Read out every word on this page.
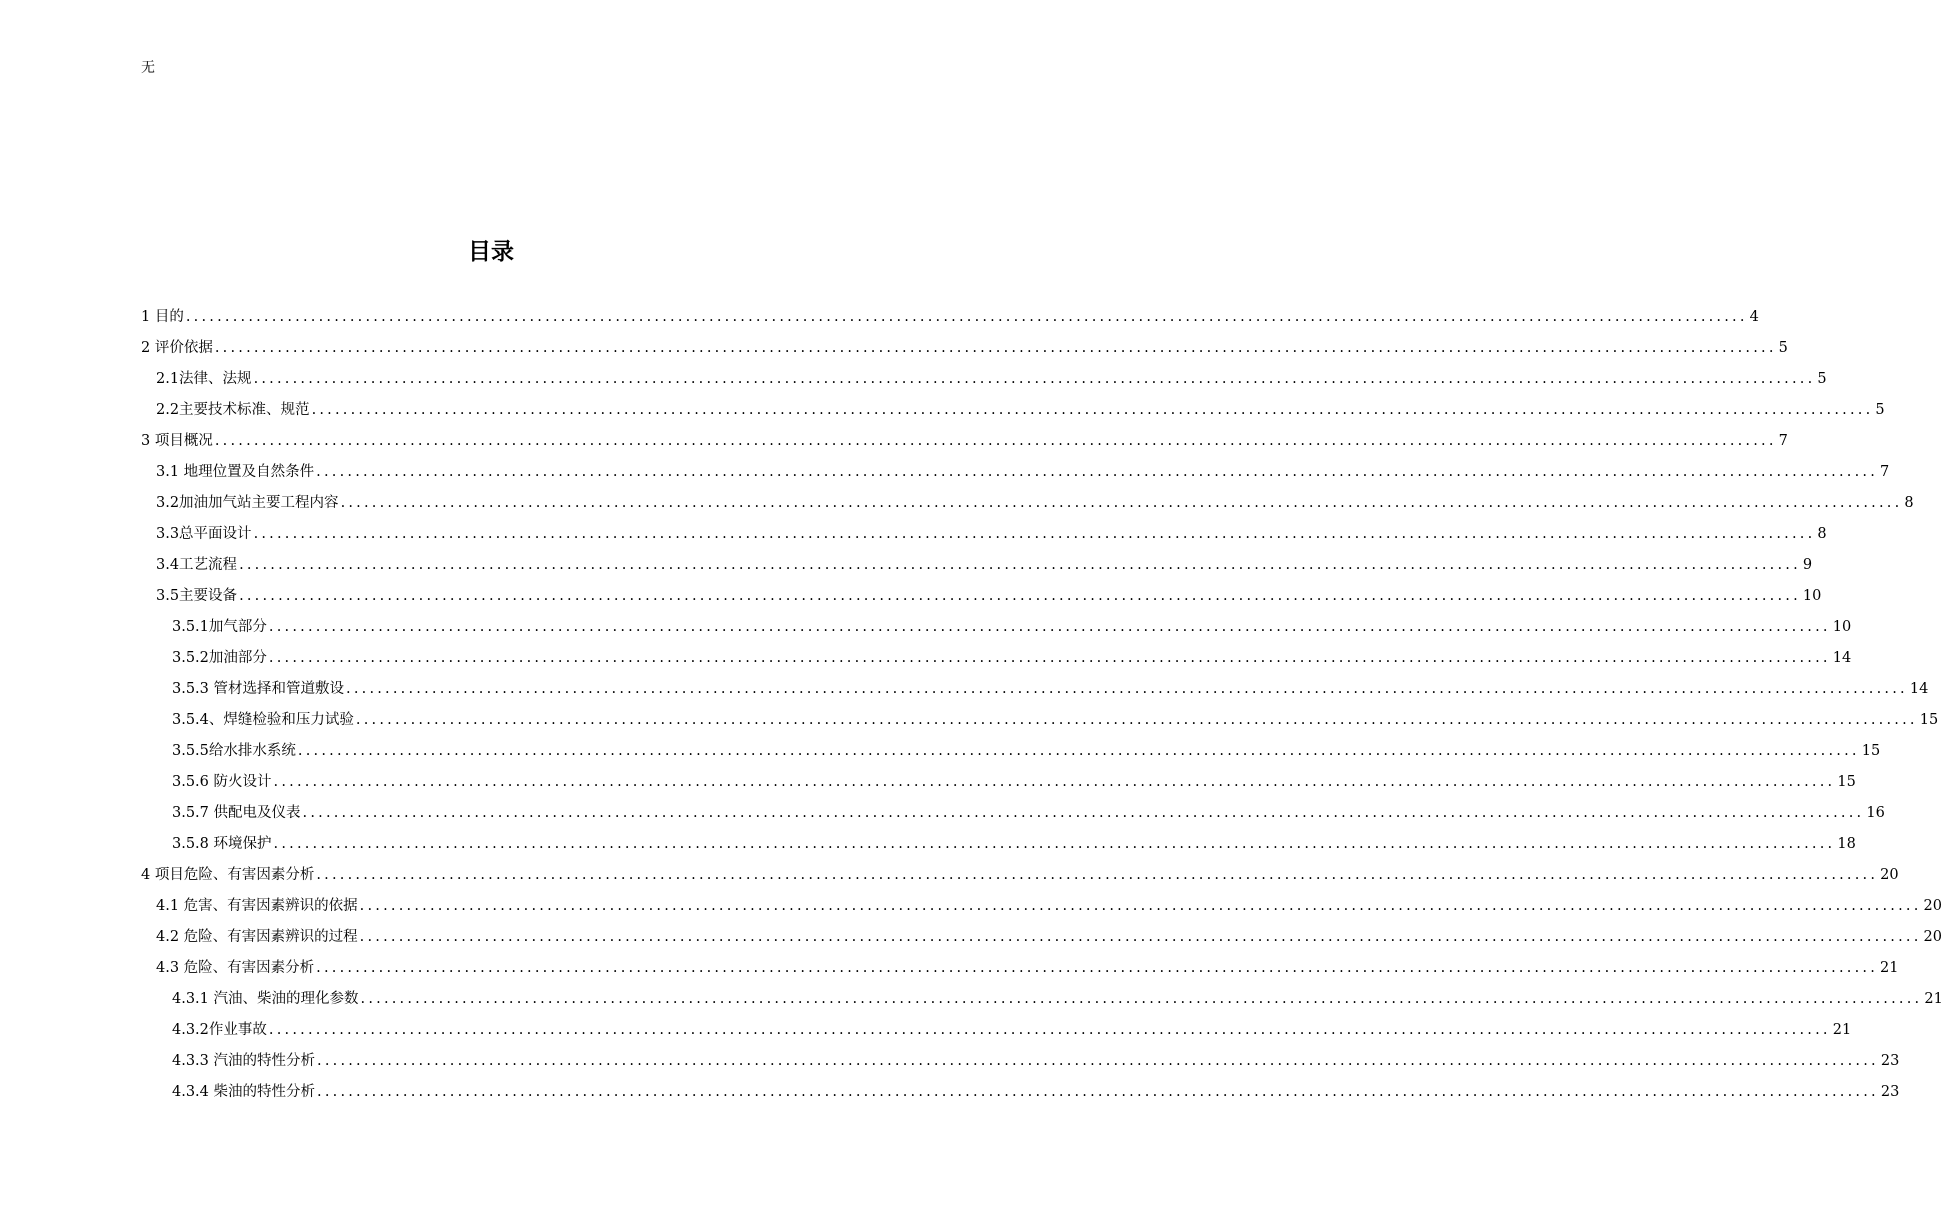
无
目录
1 目的 ........................................................................................................................................................................................................ 4
2 评价依据 ........................................................................................................................................................................................................ 5
2.1法律、法规 ........................................................................................................................................................................................................ 5
2.2主要技术标准、规范 ........................................................................................................................................................................................................ 5
3 项目概况 ........................................................................................................................................................................................................ 7
3.1 地理位置及自然条件 ........................................................................................................................................................................................................ 7
3.2加油加气站主要工程内容 ........................................................................................................................................................................................................ 8
3.3总平面设计 ........................................................................................................................................................................................................ 8
3.4工艺流程 ........................................................................................................................................................................................................ 9
3.5主要设备 ........................................................................................................................................................................................................ 10
3.5.1加气部分 ........................................................................................................................................................................................................ 10
3.5.2加油部分 ........................................................................................................................................................................................................ 14
3.5.3 管材选择和管道敷设 ........................................................................................................................................................................................................ 14
3.5.4、焊缝检验和压力试验 ........................................................................................................................................................................................................ 15
3.5.5给水排水系统 ........................................................................................................................................................................................................ 15
3.5.6 防火设计 ........................................................................................................................................................................................................ 15
3.5.7 供配电及仪表 ........................................................................................................................................................................................................ 16
3.5.8 环境保护 ........................................................................................................................................................................................................ 18
4 项目危险、有害因素分析 ........................................................................................................................................................................................................ 20
4.1 危害、有害因素辨识的依据 ........................................................................................................................................................................................................ 20
4.2 危险、有害因素辨识的过程 ........................................................................................................................................................................................................ 20
4.3 危险、有害因素分析 ........................................................................................................................................................................................................ 21
4.3.1 汽油、柴油的理化参数 ........................................................................................................................................................................................................ 21
4.3.2作业事故 ........................................................................................................................................................................................................ 21
4.3.3 汽油的特性分析 ........................................................................................................................................................................................................ 23
4.3.4 柴油的特性分析 ........................................................................................................................................................................................................ 23
